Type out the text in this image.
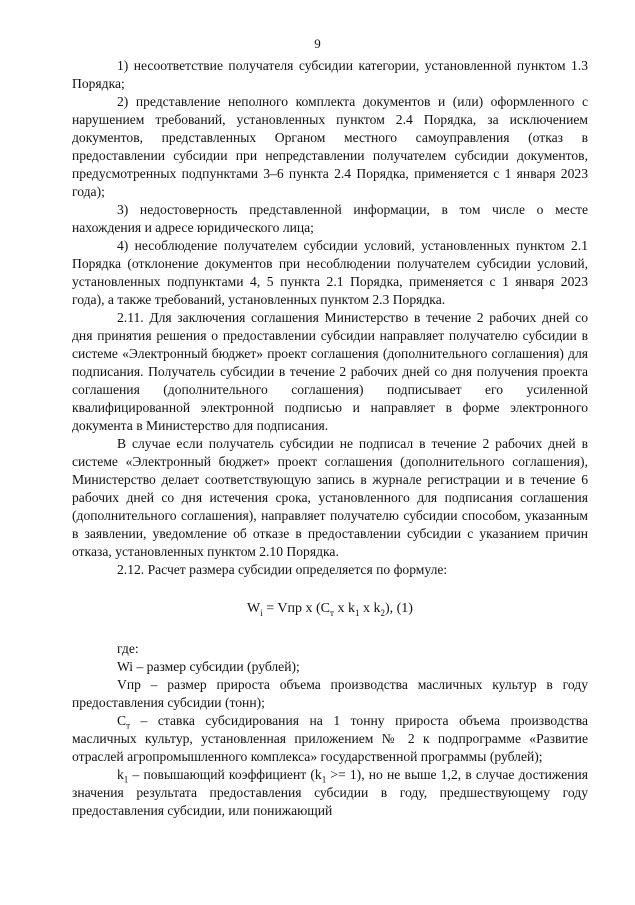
9

1) несоответствие получателя субсидии категории, установленной пунктом 1.3 Порядка;

2) представление неполного комплекта документов и (или) оформленного с нарушением требований, установленных пунктом 2.4 Порядка, за исключением документов, представленных Органом местного самоуправления (отказ в предоставлении субсидии при непредставлении получателем субсидии документов, предусмотренных подпунктами 3–6 пункта 2.4 Порядка, применяется с 1 января 2023 года);

3) недостоверность представленной информации, в том числе о месте нахождения и адресе юридического лица;

4) несоблюдение получателем субсидии условий, установленных пунктом 2.1 Порядка (отклонение документов при несоблюдении получателем субсидии условий, установленных подпунктами 4, 5 пункта 2.1 Порядка, применяется с 1 января 2023 года), а также требований, установленных пунктом 2.3 Порядка.

2.11. Для заключения соглашения Министерство в течение 2 рабочих дней со дня принятия решения о предоставлении субсидии направляет получателю субсидии в системе «Электронный бюджет» проект соглашения (дополнительного соглашения) для подписания. Получатель субсидии в течение 2 рабочих дней со дня получения проекта соглашения (дополнительного соглашения) подписывает его усиленной квалифицированной электронной подписью и направляет в форме электронного документа в Министерство для подписания.

В случае если получатель субсидии не подписал в течение 2 рабочих дней в системе «Электронный бюджет» проект соглашения (дополнительного соглашения), Министерство делает соответствующую запись в журнале регистрации и в течение 6 рабочих дней со дня истечения срока, установленного для подписания соглашения (дополнительного соглашения), направляет получателю субсидии способом, указанным в заявлении, уведомление об отказе в предоставлении субсидии с указанием причин отказа, установленных пунктом 2.10 Порядка.

2.12. Расчет размера субсидии определяется по формуле:

$W_i$ = Vпр x ($С_т$ x $k_1$ x $k_2$), (1)

где:

Wi – размер субсидии (рублей);

Vпр – размер прироста объема производства масличных культур в году предоставления субсидии (тонн);

$С_т$ – ставка субсидирования на 1 тонну прироста объема производства масличных культур, установленная приложением № 2 к подпрограмме «Развитие отраслей агропромышленного комплекса» государственной программы (рублей);

$k_1$ – повышающий коэффициент $(k_1 >= 1)$, но не выше 1,2, в случае достижения значения результата предоставления субсидии в году, предшествующему году предоставления субсидии, или понижающий
